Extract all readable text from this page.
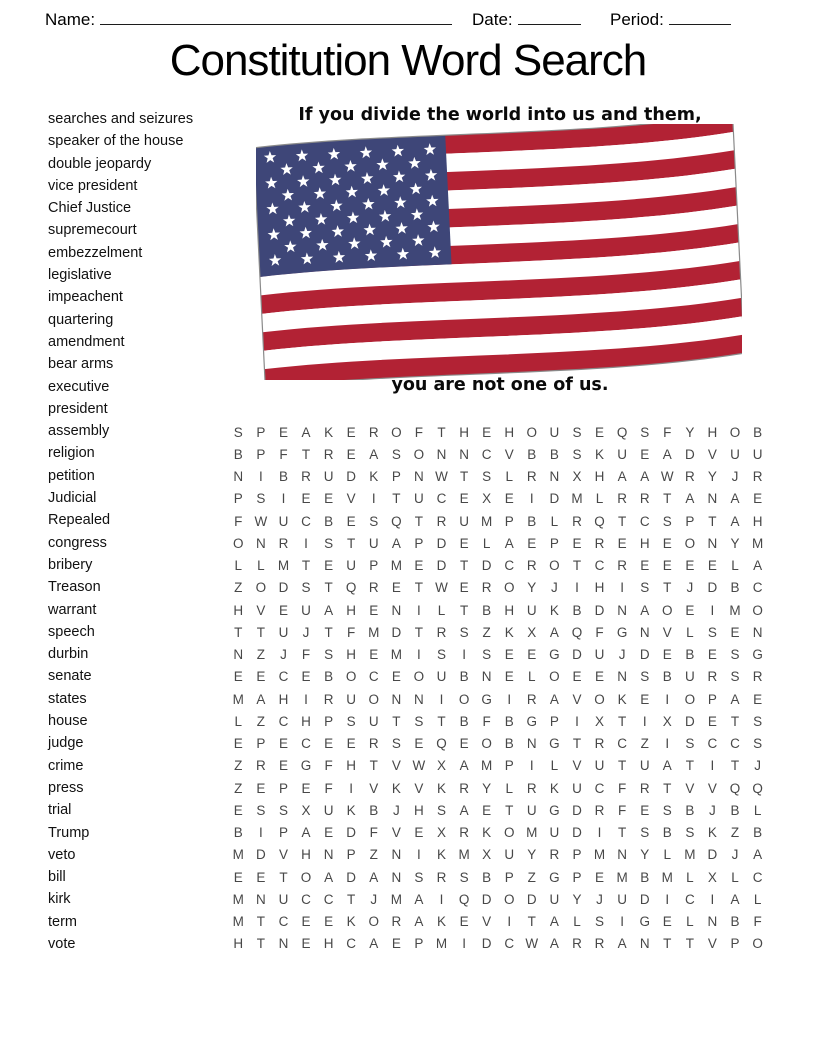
Name:	Date:	Period:
Constitution Word Search
searches and seizures
speaker of the house
double jeopardy
vice president
Chief Justice
supremecourt
embezzelment
legislative
impeachent
quartering
amendment
bear arms
executive
president
assembly
religion
petition
Judicial
Repealed
congress
bribery
Treason
warrant
speech
durbin
senate
states
house
judge
crime
press
trial
Trump
veto
bill
kirk
term
vote
If you divide the world into us and them,
you are not one of us.
S	P	E	A	K	E R O F	T	H E H O U S	E Q S	F	Y H O B
B	P	F	T	R E	A	S O N N C V	B	B	S	K U E	A D V U U
N	I	B R U D K	P N W T	S	L	R N X H A	A W R Y	J	R
P	S	I	E	E	V	I	T	U C E	X	E	I	D M L	R R	T	A N A	E
F W U C B	E	S Q T	R U M P	B	L	R Q T	C S	P	T	A H
O N R	I	S	T	U A	P D E	L	A	E	P	E R E H E O N Y M
L	L M T	E U P M E D	T	D C R O T	C R E	E	E	E	L	A
Z O D S	T Q R E	T W E R O Y	J	I	H	I	S	T	J	D B C
H V	E U A H E N	I	L	T	B H U K	B D N A O E	I	M O
T	T	U	J	T	F M D	T	R S	Z	K	X	A Q F G N V	L	S	E N
N	Z	J	F	S H E M	I	S	I	S	E	E G D U	J	D E	B	E	S G
E	E C E	B O C E O U B N E	L	O E	E N S	B U R S R
M A H	I	R U O N N	I	O G	I	R A	V O K	E	I	O P	A	E
L	Z	C H P	S U	T	S	T	B	F	B G P	I	X	T	I	X D E	T	S
E	P	E C E	E R S	E Q E O B N G T	R C	Z	I	S C C S
Z	R E G F	H	T	V W X	A M P	I	L	V U	T	U A	T	I	T	J
Z	E	P	E	F	I	V	K	V	K R Y	L	R K U C	F	R	T	V	V Q Q
E	S	S	X U K	B	J	H S	A	E	T	U G D R	F	E	S	B	J	B	L
B	I	P	A	E D	F	V	E	X R K O M U D	I	T	S	B	S	K	Z	B
M D V H N P	Z	N	I	K M X U Y R P M N Y	L M D	J	A
E	E	T O A D A N S R S	B	P	Z G P	E M B M L	X	L	C
M N U C C	T	J	M A	I	Q D O D U Y	J	U D	I	C	I	A	L
M T	C E	E	K O R A	K	E	V	I	T	A	L	S	I	G E	L	N B	F
H	T	N E H C A	E	P M	I	D C W A R R A N	T	T	V	P O
